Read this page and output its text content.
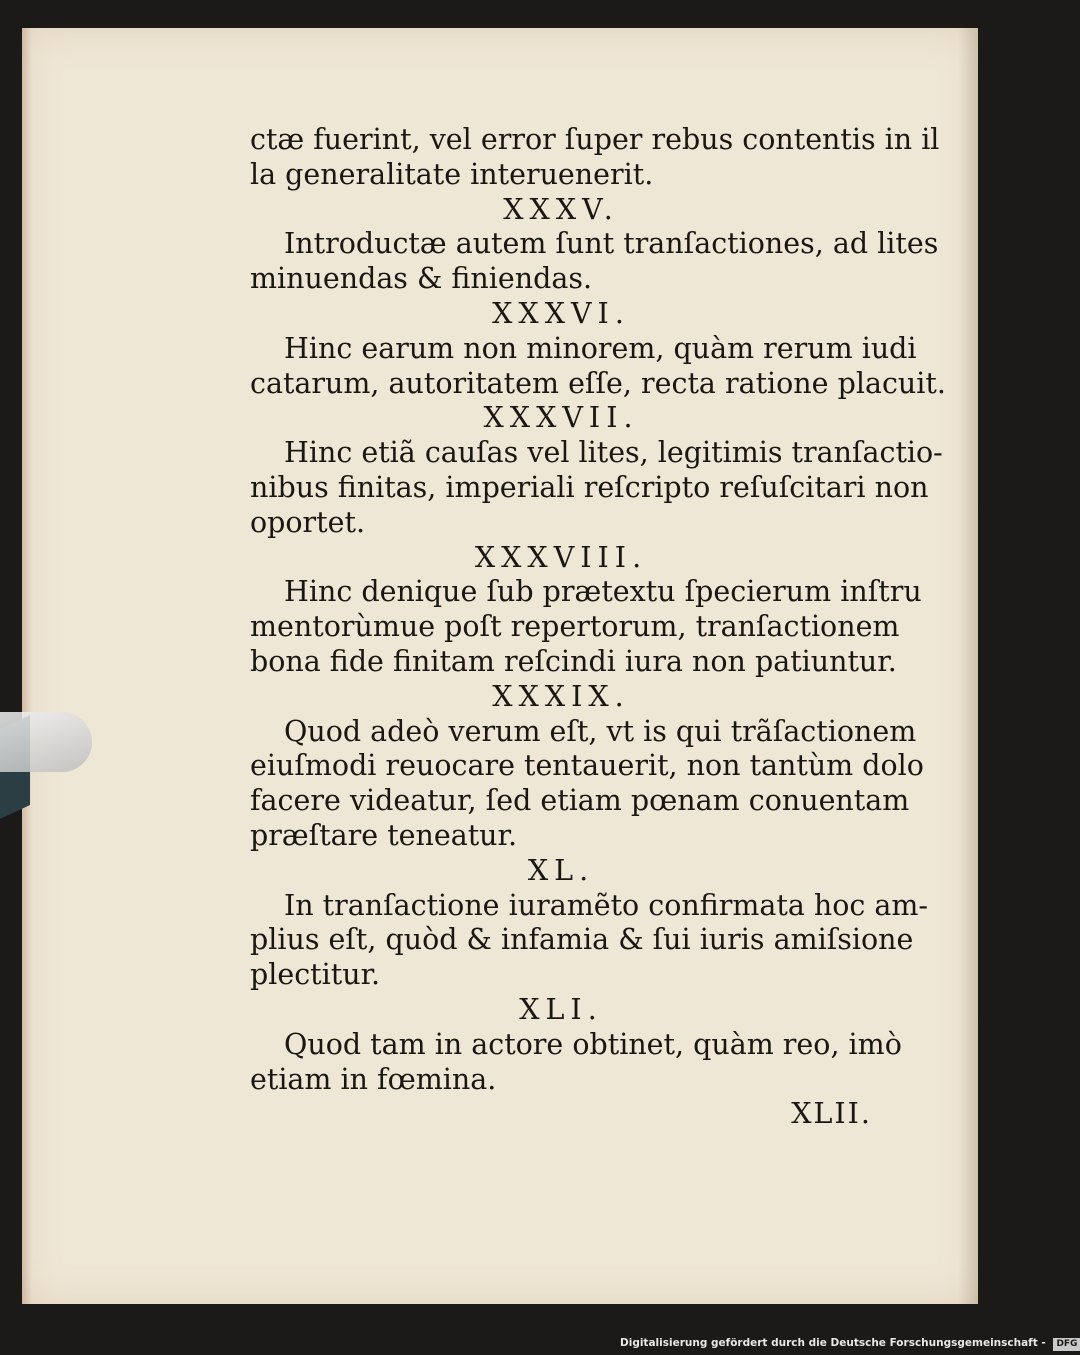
ctæ fuerint, vel error ſuper rebus contentis in il
la generalitate interuenerit.
XXXV.
Introductæ autem ſunt tranſactiones, ad lites
minuendas & finiendas.
XXXVI.
Hinc earum non minorem, quàm rerum iudi
catarum, autoritatem eſſe, recta ratione placuit.
XXXVII.
Hinc etiã cauſas vel lites, legitimis tranſactio-
nibus finitas, imperiali reſcripto reſuſcitari non
oportet.
XXXVIII.
Hinc denique ſub prætextu ſpecierum inſtru
mentorùmue poſt repertorum, tranſactionem
bona fide finitam reſcindi iura non patiuntur.
XXXIX.
Quod adeò verum eſt, vt is qui trãſactionem
eiuſmodi reuocare tentauerit, non tantùm dolo
facere videatur, ſed etiam pœnam conuentam
præſtare teneatur.
XL.
In tranſactione iuramẽto confirmata hoc am-
plius eſt, quòd & infamia & ſui iuris amiſsione
plectitur.
XLI.
Quod tam in actore obtinet, quàm reo, imò
etiam in fœmina.
XLII.
Digitalisierung gefördert durch die Deutsche Forschungsgemeinschaft - DFG
